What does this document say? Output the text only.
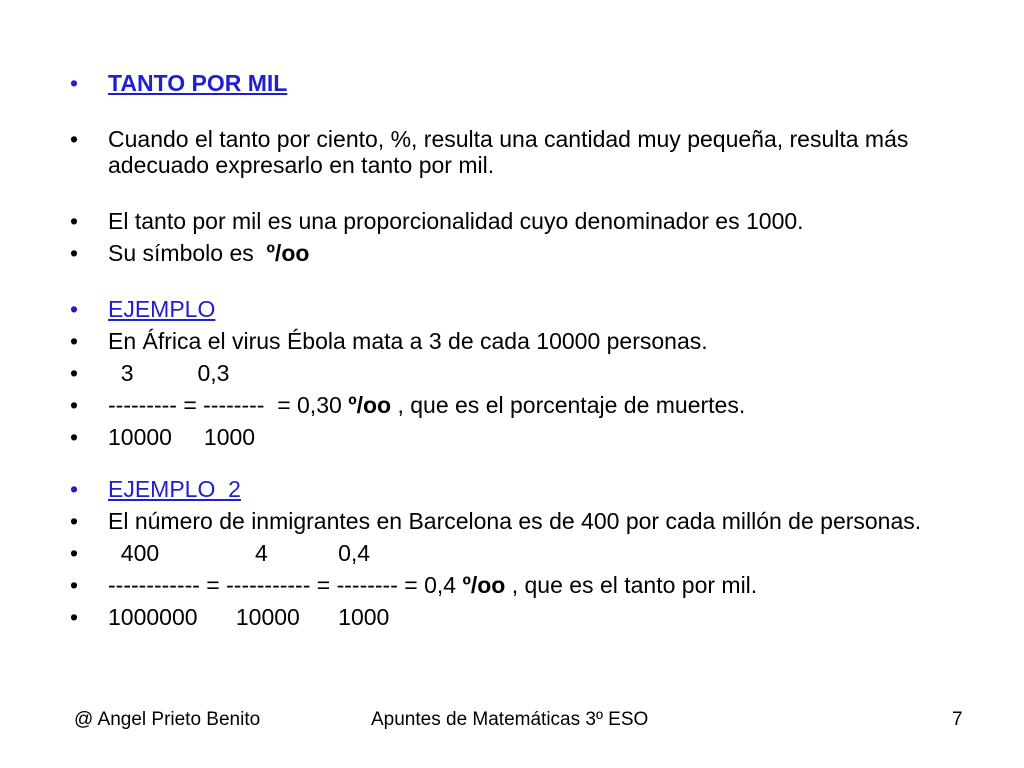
• TANTO POR MIL
• Cuando el tanto por ciento, %, resulta una cantidad muy pequeña, resulta más adecuado expresarlo en tanto por mil.
• El tanto por mil es una proporcionalidad cuyo denominador es 1000.
• Su símbolo es  º/oo
• EJEMPLO
• En África el virus Ébola mata a 3 de cada 10000 personas.
• 3          0,3
• --------- = --------  = 0,30 º/oo , que es el porcentaje de muertes.
• 10000     1000
• EJEMPLO  2
• El número de inmigrantes en Barcelona es de 400 por cada millón de personas.
• 400               4           0,4
• ------------ = ----------- = -------- = 0,4 º/oo , que es el tanto por mil.
• 1000000      10000      1000
@ Angel Prieto Benito	Apuntes de Matemáticas 3º ESO	7
